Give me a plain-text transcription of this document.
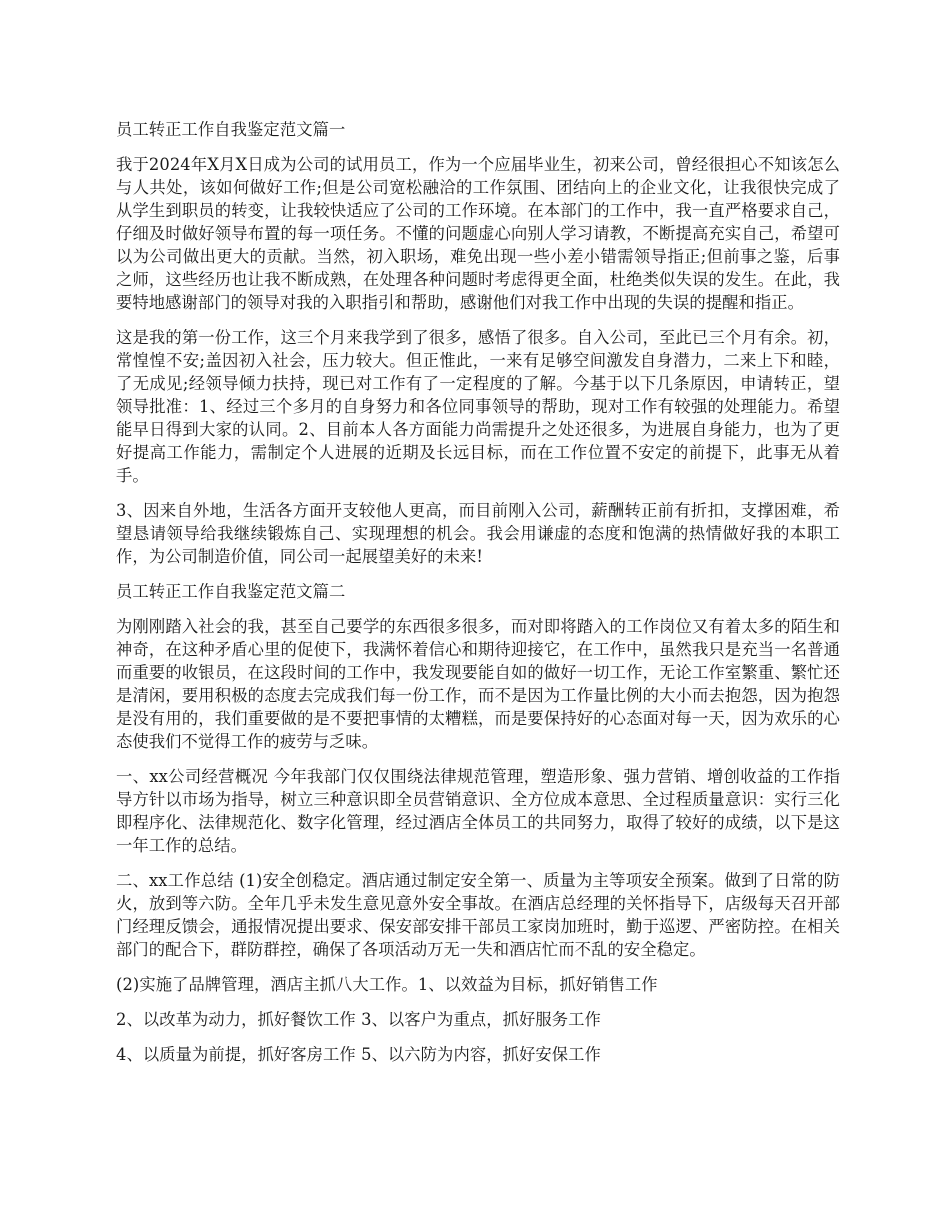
员工转正工作自我鉴定范文篇一

我于2024年X月X日成为公司的试用员工，作为一个应届毕业生，初来公司，曾经很担心不知该怎么与人共处，该如何做好工作;但是公司宽松融洽的工作氛围、团结向上的企业文化，让我很快完成了从学生到职员的转变，让我较快适应了公司的工作环境。在本部门的工作中，我一直严格要求自己，仔细及时做好领导布置的每一项任务。不懂的问题虚心向别人学习请教，不断提高充实自己，希望可以为公司做出更大的贡献。当然，初入职场，难免出现一些小差小错需领导指正;但前事之鉴，后事之师，这些经历也让我不断成熟，在处理各种问题时考虑得更全面，杜绝类似失误的发生。在此，我要特地感谢部门的领导对我的入职指引和帮助，感谢他们对我工作中出现的失误的提醒和指正。

这是我的第一份工作，这三个月来我学到了很多，感悟了很多。自入公司，至此已三个月有余。初，常惶惶不安;盖因初入社会，压力较大。但正惟此，一来有足够空间激发自身潜力，二来上下和睦，了无成见;经领导倾力扶持，现已对工作有了一定程度的了解。今基于以下几条原因，申请转正，望领导批准：1、经过三个多月的自身努力和各位同事领导的帮助，现对工作有较强的处理能力。希望能早日得到大家的认同。2、目前本人各方面能力尚需提升之处还很多，为进展自身能力，也为了更好提高工作能力，需制定个人进展的近期及长远目标，而在工作位置不安定的前提下，此事无从着手。

3、因来自外地，生活各方面开支较他人更高，而目前刚入公司，薪酬转正前有折扣，支撑困难，希望恳请领导给我继续锻炼自己、实现理想的机会。我会用谦虚的态度和饱满的热情做好我的本职工作，为公司制造价值，同公司一起展望美好的未来!

员工转正工作自我鉴定范文篇二

为刚刚踏入社会的我，甚至自己要学的东西很多很多，而对即将踏入的工作岗位又有着太多的陌生和神奇，在这种矛盾心里的促使下，我满怀着信心和期待迎接它，在工作中，虽然我只是充当一名普通而重要的收银员，在这段时间的工作中，我发现要能自如的做好一切工作，无论工作室繁重、繁忙还是清闲，要用积极的态度去完成我们每一份工作，而不是因为工作量比例的大小而去抱怨，因为抱怨是没有用的，我们重要做的是不要把事情的太糟糕，而是要保持好的心态面对每一天，因为欢乐的心态使我们不觉得工作的疲劳与乏味。

一、xx公司经营概况 今年我部门仅仅围绕法律规范管理，塑造形象、强力营销、增创收益的工作指导方针以市场为指导，树立三种意识即全员营销意识、全方位成本意思、全过程质量意识：实行三化即程序化、法律规范化、数字化管理，经过酒店全体员工的共同努力，取得了较好的成绩，以下是这一年工作的总结。

二、xx工作总结 (1)安全创稳定。酒店通过制定安全第一、质量为主等项安全预案。做到了日常的防火，放到等六防。全年几乎未发生意见意外安全事故。在酒店总经理的关怀指导下，店级每天召开部门经理反馈会，通报情况提出要求、保安部安排干部员工家岗加班时，勤于巡逻、严密防控。在相关部门的配合下，群防群控，确保了各项活动万无一失和酒店忙而不乱的安全稳定。

(2)实施了品牌管理，酒店主抓八大工作。1、以效益为目标，抓好销售工作

2、以改革为动力，抓好餐饮工作 3、以客户为重点，抓好服务工作

4、以质量为前提，抓好客房工作 5、以六防为内容，抓好安保工作
